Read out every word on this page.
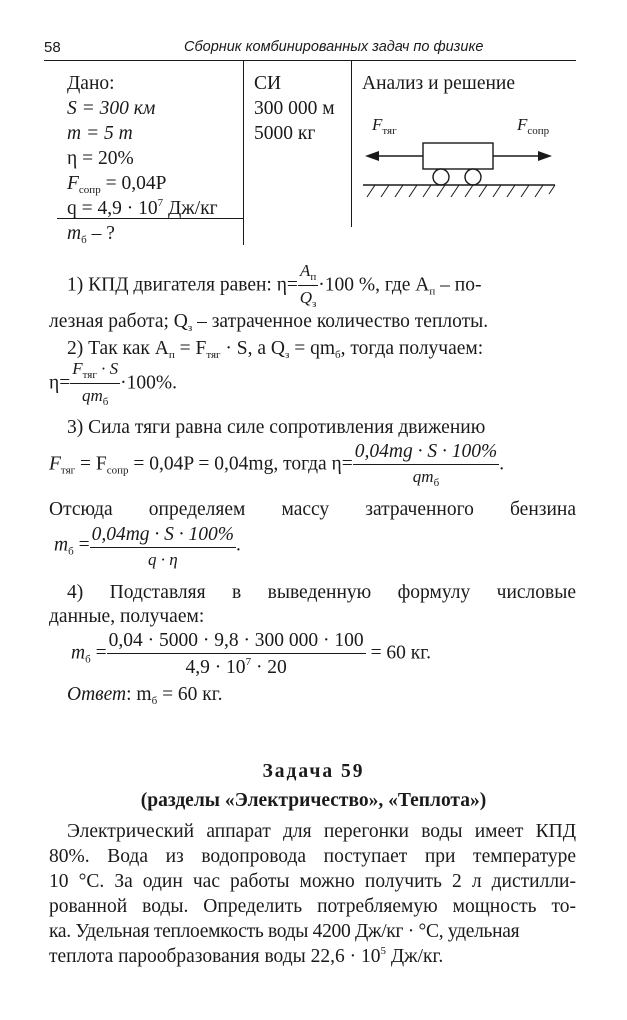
58	Сборник комбинированных задач по физике
Дано:
S = 300 км
m = 5 т
η = 20%
$F_{сопр} = 0,04P$
$q = 4,9 \cdot 10^7$ Дж/кг
$m_б$ – ?
СИ
300 000 м
5000 кг
Анализ и решение
$F_{тяг}$	$F_{сопр}$
1) КПД двигателя равен: $\eta= \frac{A_п}{Q_з} \cdot 100$ %, где $A_п - по-$
лезная работа; $Q_з$ – затраченное количество теплоты.
2) Так как $A_п = F_{тяг} \cdot S$, а $Q_з = qm_б$, тогда получаем:
$\eta= \frac{F_{тяг} \cdot S}{qm_б} \cdot 100\%$.
3) Сила тяги равна силе сопротивления движению
$F_{тяг} = F_{сопр} = 0,04P = 0,04mg$, тогда $\eta= \frac{0,04mg \cdot S \cdot 100\%}{qm_б}$ .
Отсюда определяем массу затраченного бензина
$m_б = \frac{0,04mg \cdot S \cdot 100\%}{q \cdot \eta}$ .
4) Подставляя в выведенную формулу числовые
данные, получаем:
$m_б = \frac{0,04 \cdot 5000 \cdot 9,8 \cdot 300 000 \cdot 100}{4,9 \cdot 10^7 \cdot 20} = 60$ кг.
Ответ: $m_б = 60$ кг.
Задача 59
(разделы «Электричество», «Теплота»)
Электрический аппарат для перегонки воды имеет КПД
80%. Вода из водопровода поступает при температуре
10 °С. За один час работы можно получить 2 л дистилли-
рованной воды. Определить потребляемую мощность то-
ка. Удельная теплоемкость воды 4200 Дж/кг · °С, удельная
теплота парообразования воды $22,6 \cdot 10^5$ Дж/кг.
